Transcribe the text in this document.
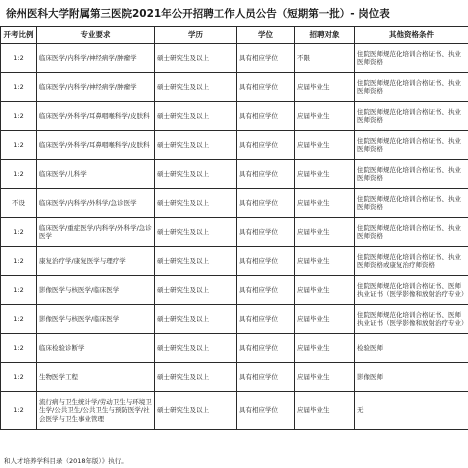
徐州医科大学附属第三医院2021年公开招聘工作人员公告（短期第一批）- 岗位表
开考比例	专业要求	学历	学位	招聘对象	其他资格条件
1:2	临床医学/内科学/神经病学/肿瘤学	硕士研究生及以上	具有相应学位	不限	住院医师规范化培训合格证书、执业医师资格
1:2	临床医学/内科学/神经病学/肿瘤学	硕士研究生及以上	具有相应学位	应届毕业生	住院医师规范化培训合格证书、执业医师资格
1:2	临床医学/外科学/耳鼻咽喉科学/皮肤科	硕士研究生及以上	具有相应学位	应届毕业生	住院医师规范化培训合格证书、执业医师资格
1:2	临床医学/外科学/耳鼻咽喉科学/皮肤科	硕士研究生及以上	具有相应学位	应届毕业生	住院医师规范化培训合格证书、执业医师资格
1:2	临床医学/儿科学	硕士研究生及以上	具有相应学位	应届毕业生	住院医师规范化培训合格证书、执业医师资格
不设	临床医学/内科学/外科学/急诊医学	硕士研究生及以上	具有相应学位	应届毕业生	住院医师规范化培训合格证书、执业医师资格
1:2	临床医学/重症医学/内科学/外科学/急诊医学	硕士研究生及以上	具有相应学位	应届毕业生	住院医师规范化培训合格证书、执业医师资格
1:2	康复治疗学/康复医学与理疗学	硕士研究生及以上	具有相应学位	应届毕业生	住院医师规范化培训合格证书、执业医师资格或康复治疗师资格
1:2	影像医学与核医学/临床医学	硕士研究生及以上	具有相应学位	应届毕业生	住院医师规范化培训合格证书、医师执业证书（医学影像和放射治疗专业）
1:2	影像医学与核医学/临床医学	硕士研究生及以上	具有相应学位	应届毕业生	住院医师规范化培训合格证书、医师执业证书（医学影像和放射治疗专业）
1:2	临床检验诊断学	硕士研究生及以上	具有相应学位	应届毕业生	检验医师
1:2	生物医学工程	硕士研究生及以上	具有相应学位	应届毕业生	影像医师
1:2	流行病与卫生统计学/劳动卫生与环境卫生学/公共卫生/公共卫生与预防医学/社会医学与卫生事业管理	硕士研究生及以上	具有相应学位	应届毕业生	无
和人才培养学科目录（2018年版）》执行。
